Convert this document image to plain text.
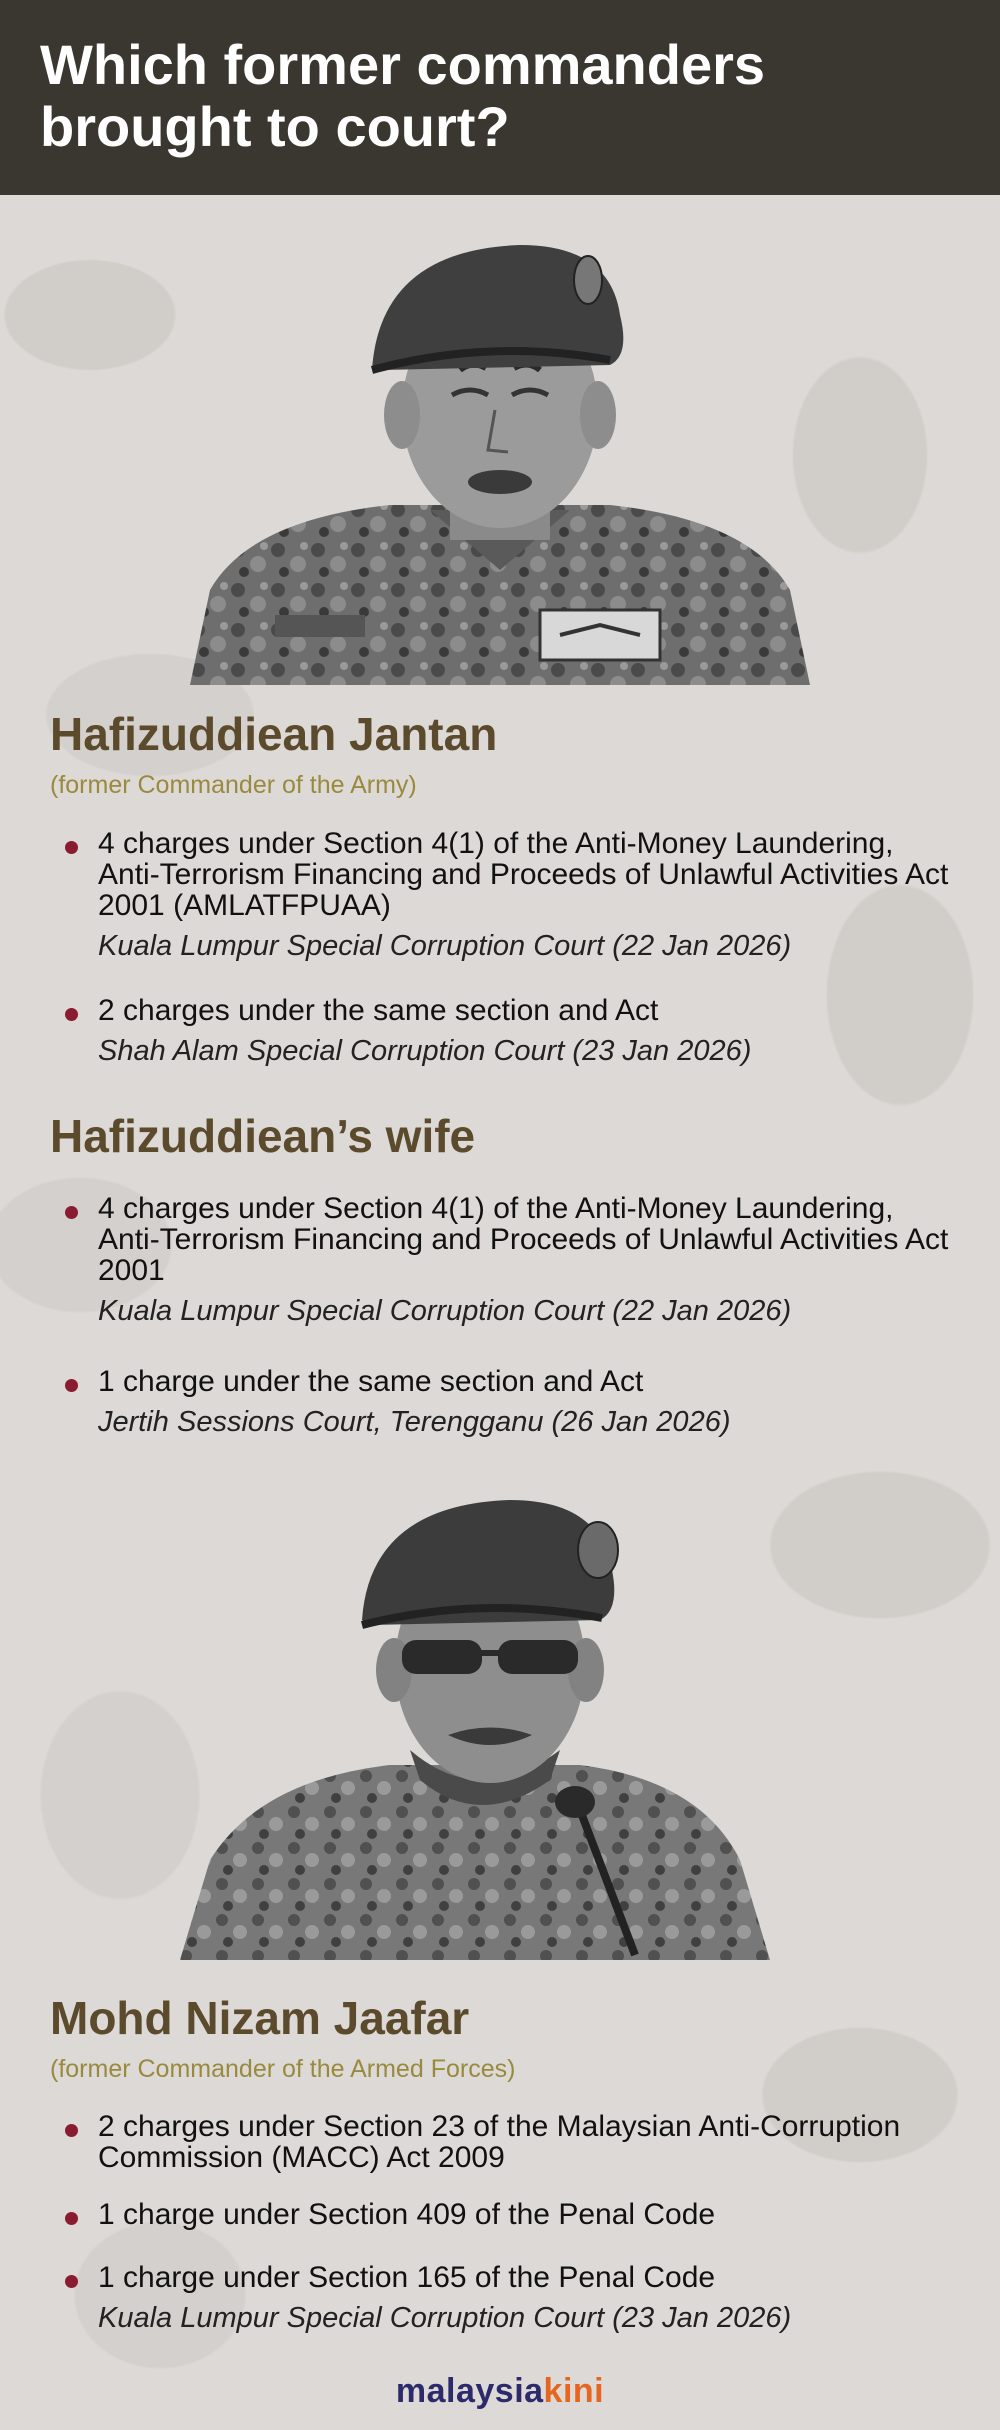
Which former commanders brought to court?
Hafizuddiean Jantan

(former Commander of the Army)

4 charges under Section 4(1) of the Anti-Money Laundering, Anti-Terrorism Financing and Proceeds of Unlawful Activities Act 2001 (AMLATFPUAA)

Kuala Lumpur Special Corruption Court (22 Jan 2026)

2 charges under the same section and Act

Shah Alam Special Corruption Court (23 Jan 2026)

Hafizuddiean’s wife

4 charges under Section 4(1) of the Anti-Money Laundering, Anti-Terrorism Financing and Proceeds of Unlawful Activities Act 2001

Kuala Lumpur Special Corruption Court (22 Jan 2026)

1 charge under the same section and Act

Jertih Sessions Court, Terengganu (26 Jan 2026)

Mohd Nizam Jaafar

(former Commander of the Armed Forces)

2 charges under Section 23 of the Malaysian Anti-Corruption Commission (MACC) Act 2009

1 charge under Section 409 of the Penal Code

1 charge under Section 165 of the Penal Code

Kuala Lumpur Special Corruption Court (23 Jan 2026)

malaysiakini
